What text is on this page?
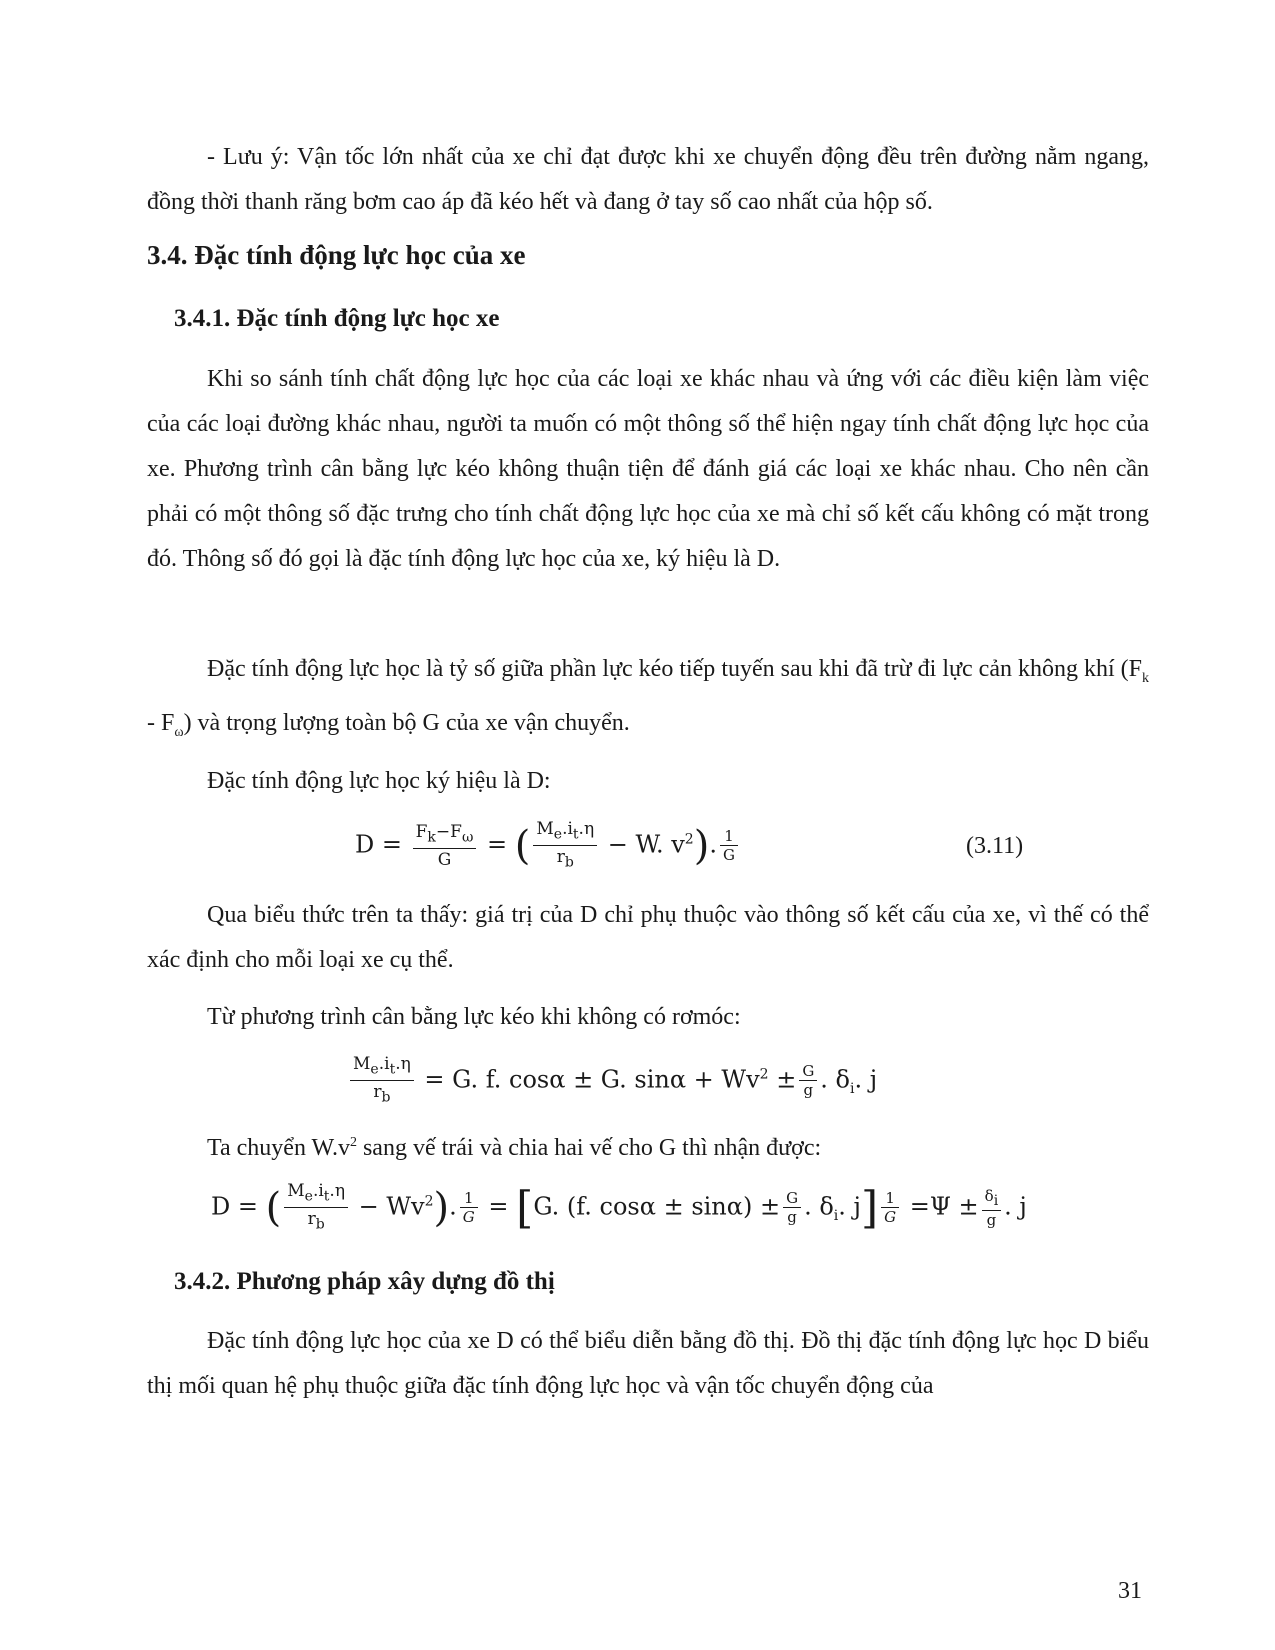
- Lưu ý: Vận tốc lớn nhất của xe chỉ đạt được khi xe chuyển động đều trên đường nằm ngang, đồng thời thanh răng bơm cao áp đã kéo hết và đang ở tay số cao nhất của hộp số.

3.4. Đặc tính động lực học của xe
3.4.1. Đặc tính động lực học xe

Khi so sánh tính chất động lực học của các loại xe khác nhau và ứng với các điều kiện làm việc của các loại đường khác nhau, người ta muốn có một thông số thể hiện ngay tính chất động lực học của xe. Phương trình cân bằng lực kéo không thuận tiện để đánh giá các loại xe khác nhau. Cho nên cần phải có một thông số đặc trưng cho tính chất động lực học của xe mà chỉ số kết cấu không có mặt trong đó. Thông số đó gọi là đặc tính động lực học của xe, ký hiệu là D.

Đặc tính động lực học là tỷ số giữa phần lực kéo tiếp tuyến sau khi đã trừ đi lực cản không khí $(F_k - F_\omega)$ và trọng lượng toàn bộ G của xe vận chuyển.

Đặc tính động lực học ký hiệu là D:

$D = \frac{F_k-F_\omega}{G}$ = ( $\frac{M_e.i_t.\eta}{r_b} - W$. $v^2$). $\frac{1}{G}$	(3.11)

Qua biểu thức trên ta thấy: giá trị của D chỉ phụ thuộc vào thông số kết cấu của xe, vì thế có thể xác định cho mỗi loại xe cụ thể.

Từ phương trình cân bằng lực kéo khi không có rơmóc:

$\frac{M_e.i_t.\eta}{r_b} = G$. f. cosα ± G. $\sin\alpha + Wv^2 \pm \frac{G}{g}$ . $\delta_i$. j

Ta chuyển $W.v^2$ sang vế trái và chia hai vế cho G thì nhận được:

D = ( $\frac{M_e.i_t.\eta}{r_b} - Wv^2$). $\frac{1}{G} = [G$. (f. $\cos\alpha \pm \sin\alpha) \pm \frac{G}{g}$ . $\delta_i$. $j] \frac{1}{G} =\Psi \pm \frac{\delta_i}{g}$ . j
3.4.2. Phương pháp xây dựng đồ thị

Đặc tính động lực học của xe D có thể biểu diễn bằng đồ thị. Đồ thị đặc tính động lực học D biểu thị mối quan hệ phụ thuộc giữa đặc tính động lực học và vận tốc chuyển động của

31
